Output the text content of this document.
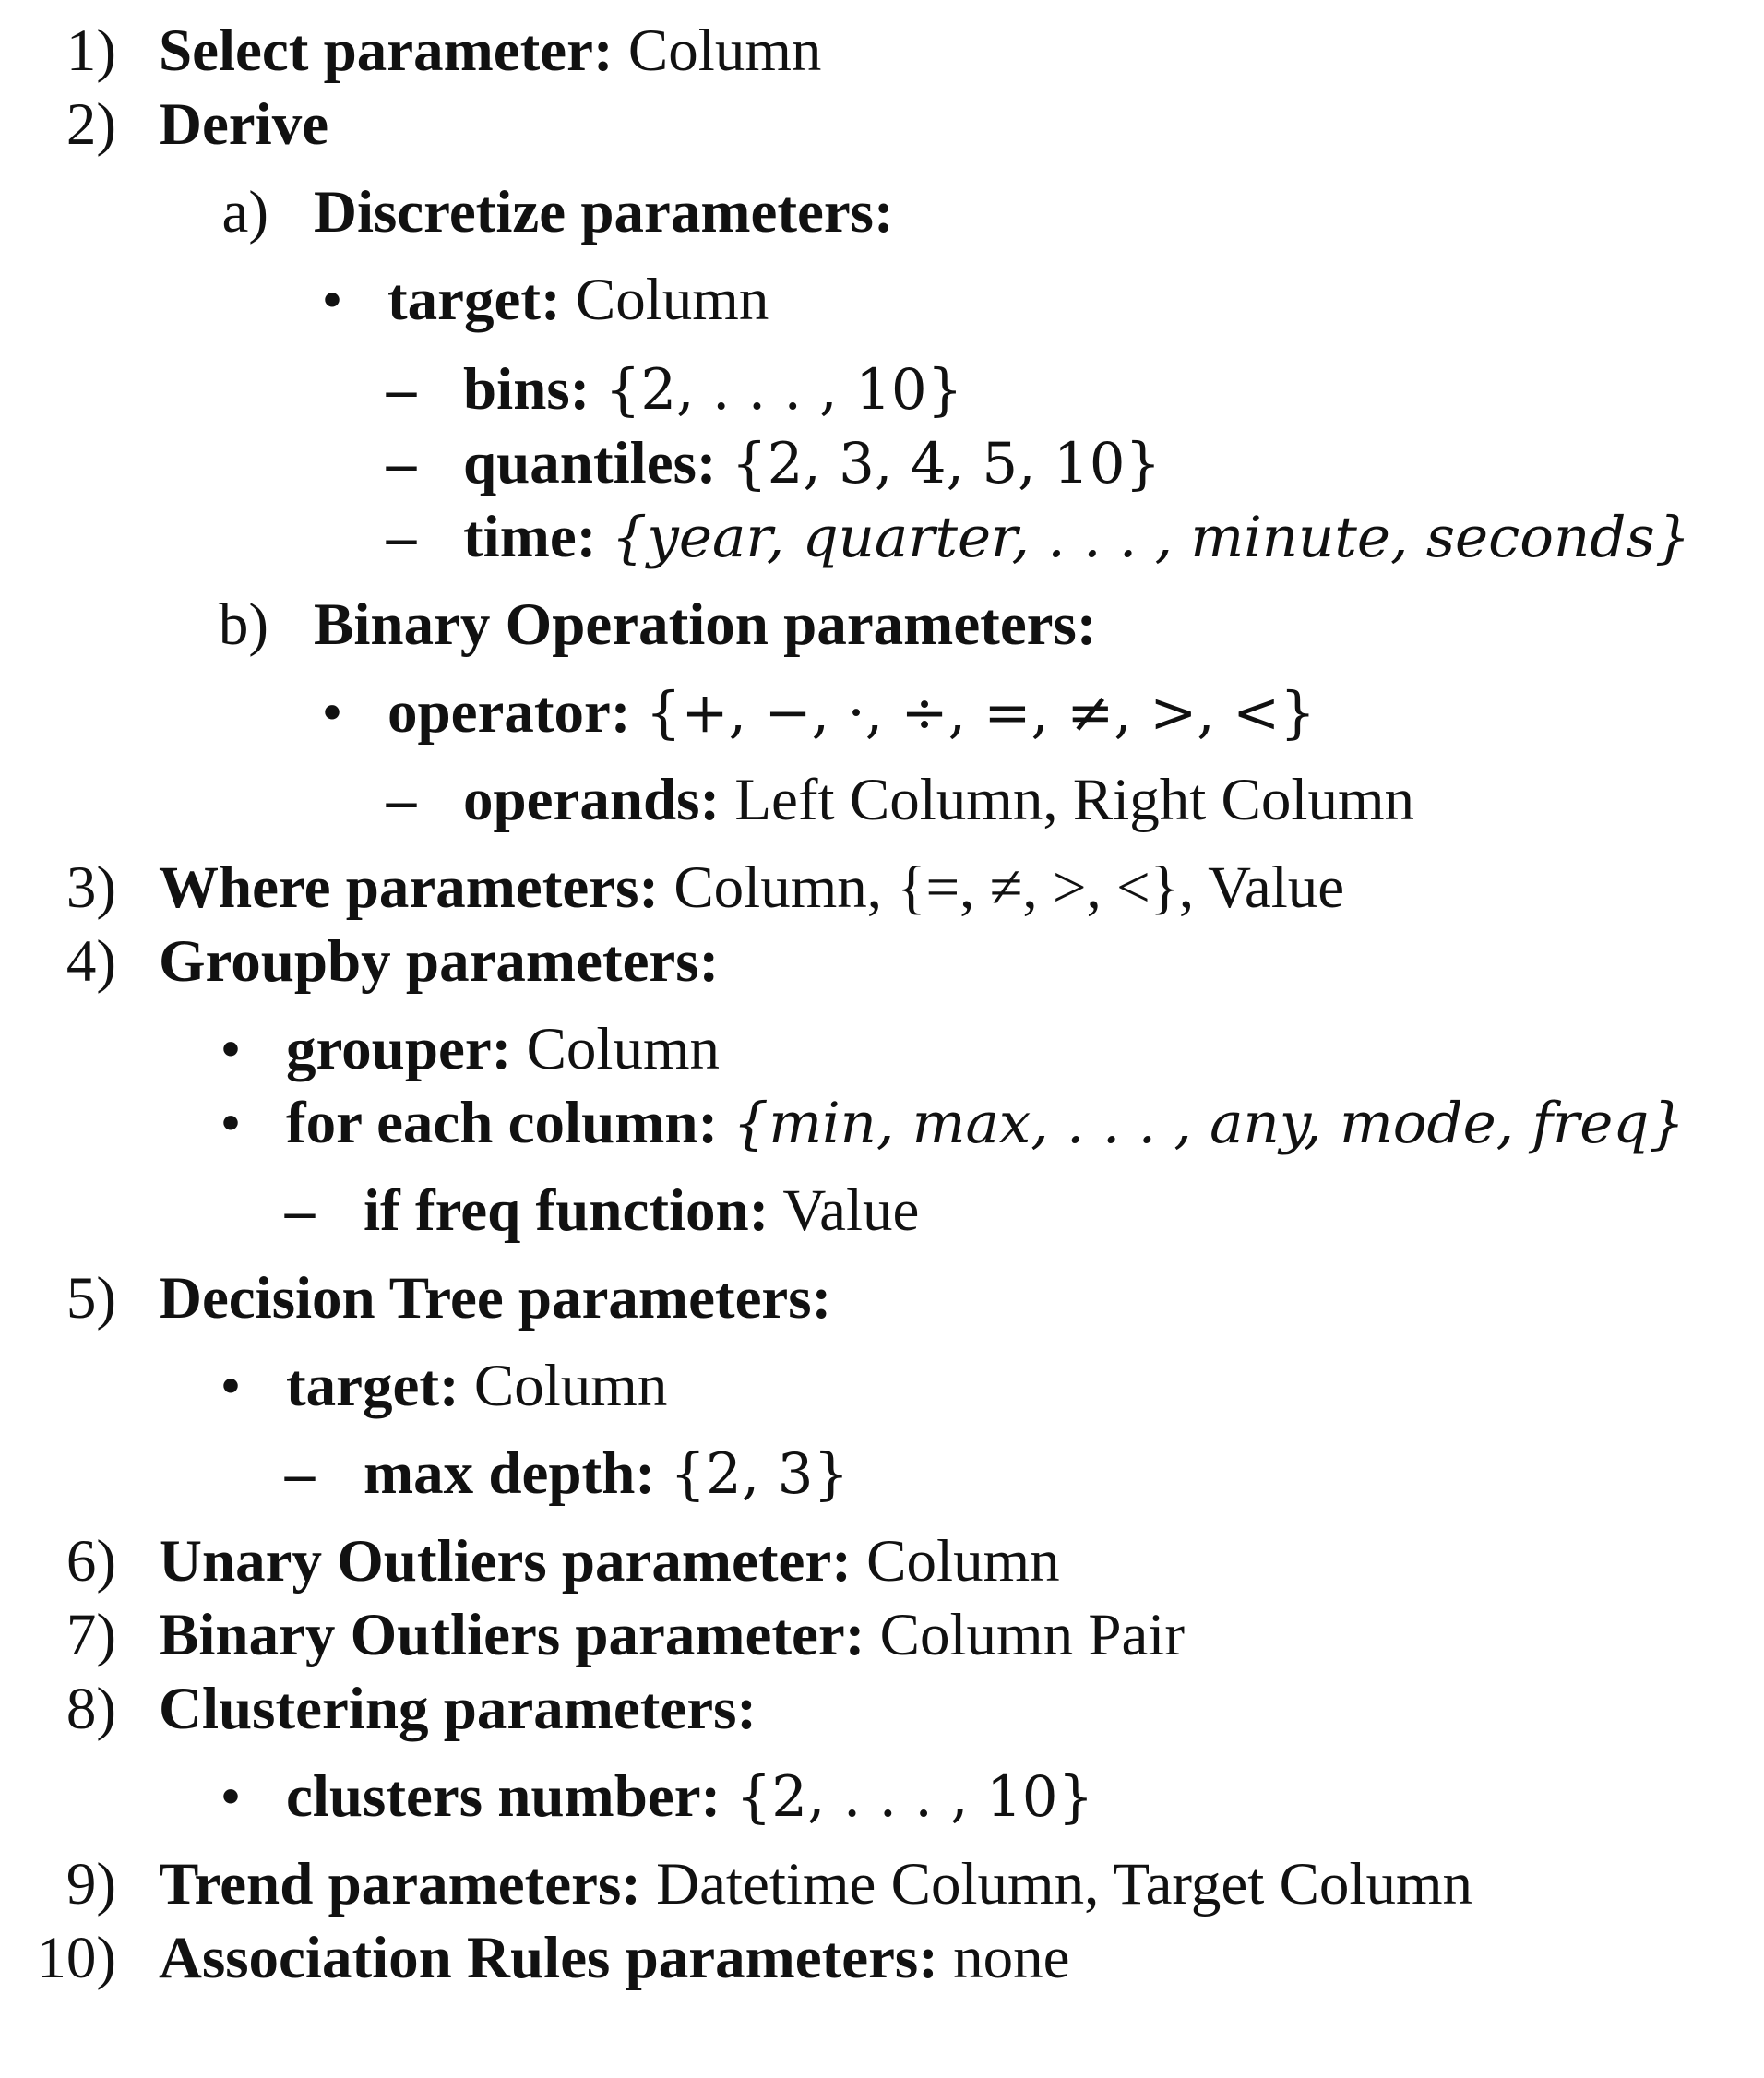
1) Select parameter: Column
2) Derive
a) Discretize parameters:
• target: Column
– bins: {2, . . . , 10}
– quantiles: {2, 3, 4, 5, 10}
– time: {year, quarter, . . . , minute, seconds}
b) Binary Operation parameters:
• operator: {+, −, ·, ÷, =, ≠, >, <}
– operands: Left Column, Right Column
3) Where parameters: Column, {=, ≠, >, <}, Value
4) Groupby parameters:
• grouper: Column
• for each column: {min, max, . . . , any, mode, freq}
– if freq function: Value
5) Decision Tree parameters:
• target: Column
– max depth: {2, 3}
6) Unary Outliers parameter: Column
7) Binary Outliers parameter: Column Pair
8) Clustering parameters:
• clusters number: {2, . . . , 10}
9) Trend parameters: Datetime Column, Target Column
10) Association Rules parameters: none
